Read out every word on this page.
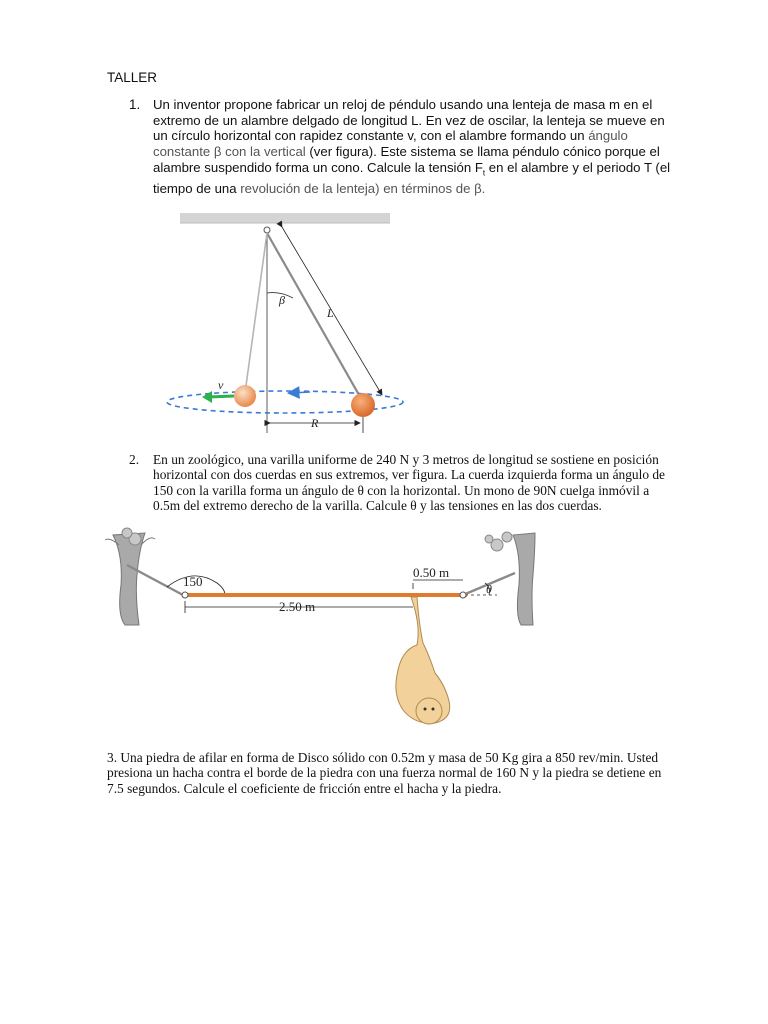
TALLER
1. Un inventor propone fabricar un reloj de péndulo usando una lenteja de masa m en el extremo de un alambre delgado de longitud L. En vez de oscilar, la lenteja se mueve en un círculo horizontal con rapidez constante v, con el alambre formando un ángulo constante β con la vertical (ver figura). Este sistema se llama péndulo cónico porque el alambre suspendido forma un cono. Calcule la tensión $F_t$ en el alambre y el periodo T (el tiempo de una revolución de la lenteja) en términos de β.

β
L
v
R
2. En un zoológico, una varilla uniforme de 240 N y 3 metros de longitud se sostiene en posición horizontal con dos cuerdas en sus extremos, ver figura. La cuerda izquierda forma un ángulo de 150 con la varilla forma un ángulo de θ con la horizontal. Un mono de 90N cuelga inmóvil a 0.5m del extremo derecho de la varilla. Calcule θ y las tensiones en las dos cuerdas.

θ
150
0.50 m
2.50 m

3. Una piedra de afilar en forma de Disco sólido con 0.52m y masa de 50 Kg gira a 850 rev/min. Usted presiona un hacha contra el borde de la piedra con una fuerza normal de 160 N y la piedra se detiene en 7.5 segundos. Calcule el coeficiente de fricción entre el hacha y la piedra.
